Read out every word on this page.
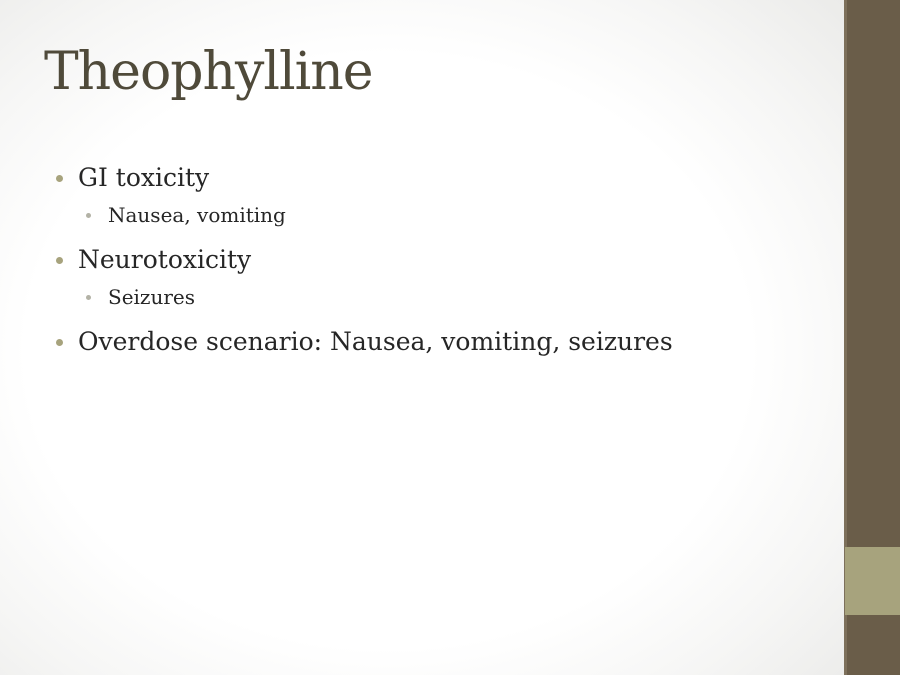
Theophylline
GI toxicity
Nausea, vomiting
Neurotoxicity
Seizures
Overdose scenario: Nausea, vomiting, seizures
